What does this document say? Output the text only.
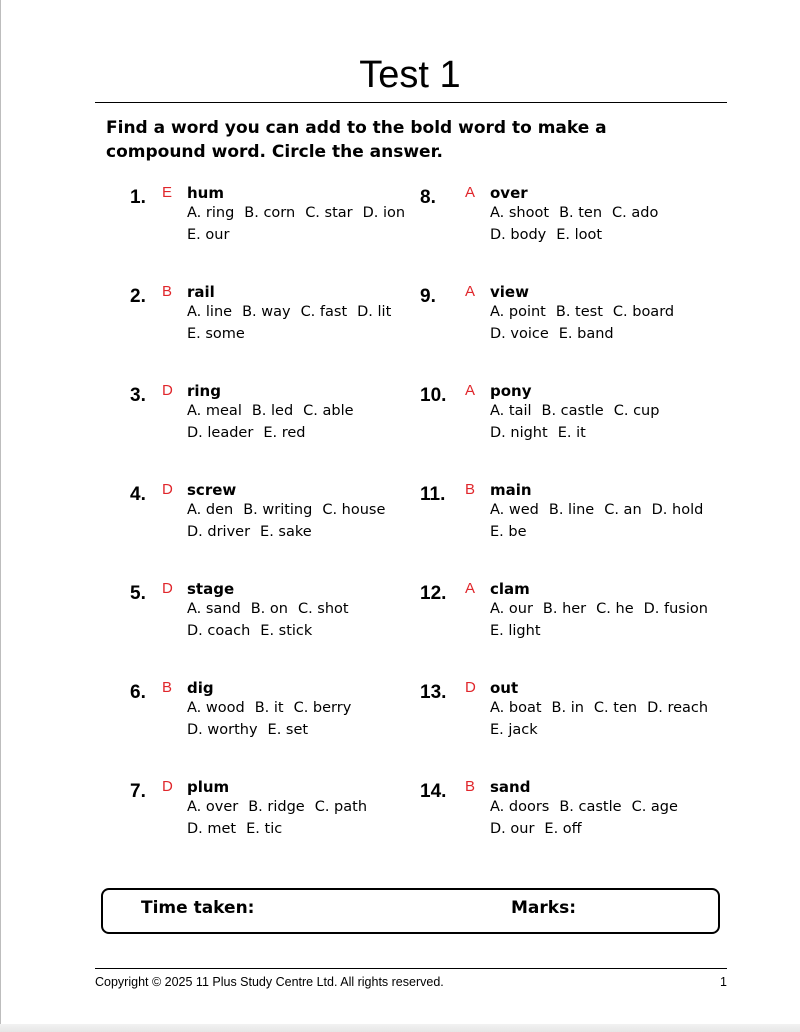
Test 1
Find a word you can add to the bold word to make a compound word. Circle the answer.
1. E hum
A. ring B. corn C. star D. ion
E. our
2. B rail
A. line B. way C. fast D. lit
E. some
3. D ring
A. meal B. led C. able
D. leader E. red
4. D screw
A. den B. writing C. house
D. driver E. sake
5. D stage
A. sand B. on C. shot
D. coach E. stick
6. B dig
A. wood B. it C. berry
D. worthy E. set
7. D plum
A. over B. ridge C. path
D. met E. tic
8. A over
A. shoot B. ten C. ado
D. body E. loot
9. A view
A. point B. test C. board
D. voice E. band
10. A pony
A. tail B. castle C. cup
D. night E. it
11. B main
A. wed B. line C. an D. hold
E. be
12. A clam
A. our B. her C. he D. fusion
E. light
13. D out
A. boat B. in C. ten D. reach
E. jack
14. B sand
A. doors B. castle C. age
D. our E. off
Time taken:	Marks:
Copyright © 2025 11 Plus Study Centre Ltd. All rights reserved.	1
